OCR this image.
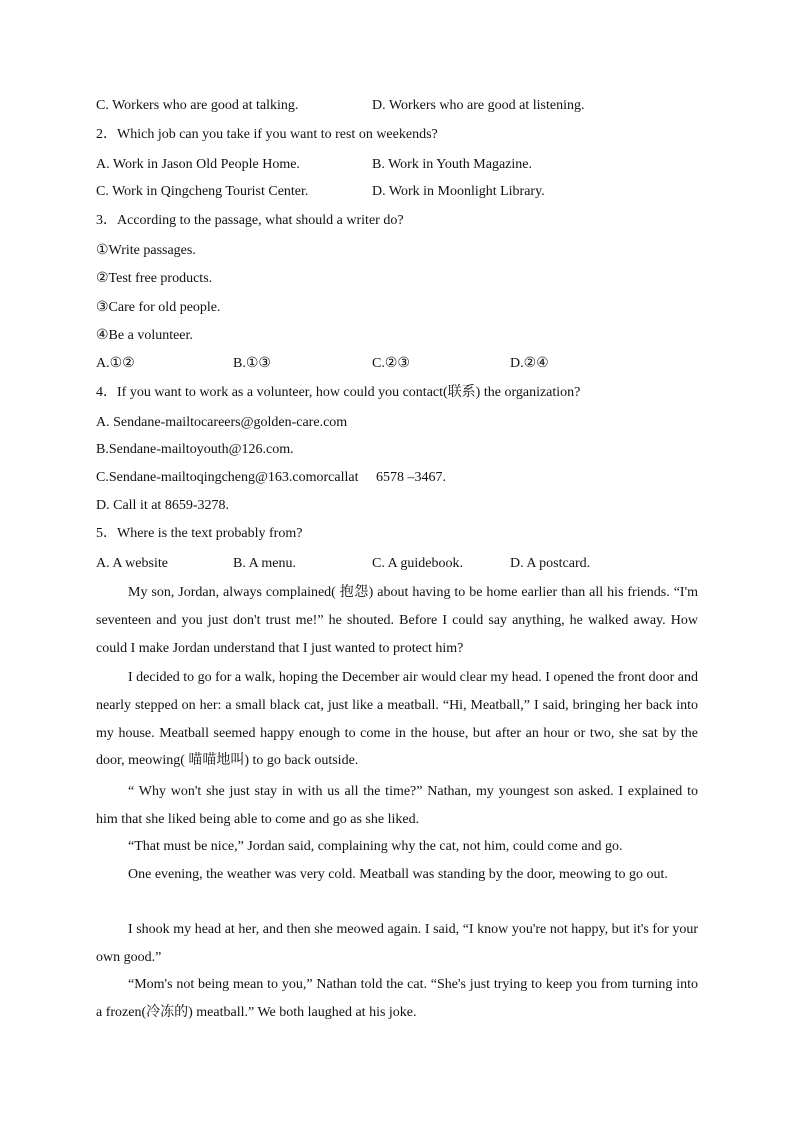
C. Workers who are good at talking.	D. Workers who are good at listening.
2．Which job can you take if you want to rest on weekends?
A. Work in Jason Old People Home.	B. Work in Youth Magazine.
C. Work in Qingcheng Tourist Center.	D. Work in Moonlight Library.
3．According to the passage, what should a writer do?
①Write passages.
②Test free products.
③Care for old people.
④Be a volunteer.
A.①②	B.①③	C.②③	D.②④
4．If you want to work as a volunteer, how could you contact(联系) the organization?
A. Sendane-mailtocareers@golden-care.com
B.Sendane-mailtoyouth@126.com.
C.Sendane-mailtoqingcheng@163.comorcallat　 6578 –3467.
D. Call it at 8659-3278.
5．Where is the text probably from?
A. A website	B. A menu.	C. A guidebook.	D. A postcard.
My son, Jordan, always complained( 抱怨) about having to be home earlier than all his friends. “I'm seventeen and you just don't trust me!” he shouted. Before I could say anything, he walked away. How could I make Jordan understand that I just wanted to protect him?
I decided to go for a walk, hoping the December air would clear my head. I opened the front door and nearly stepped on her: a small black cat, just like a meatball. “Hi, Meatball,” I said, bringing her back into my house. Meatball seemed happy enough to come in the house, but after an hour or two, she sat by the door, meowing( 喵喵地叫) to go back outside.
“ Why won't she just stay in with us all the time?” Nathan, my youngest son asked. I explained to him that she liked being able to come and go as she liked.
“That must be nice,” Jordan said, complaining why the cat, not him, could come and go.
One evening, the weather was very cold. Meatball was standing by the door, meowing to go out.
I shook my head at her, and then she meowed again. I said, “I know you're not happy, but it's for your own good.”
“Mom's not being mean to you,” Nathan told the cat. “She's just trying to keep you from turning into a frozen(冷冻的) meatball.” We both laughed at his joke.
